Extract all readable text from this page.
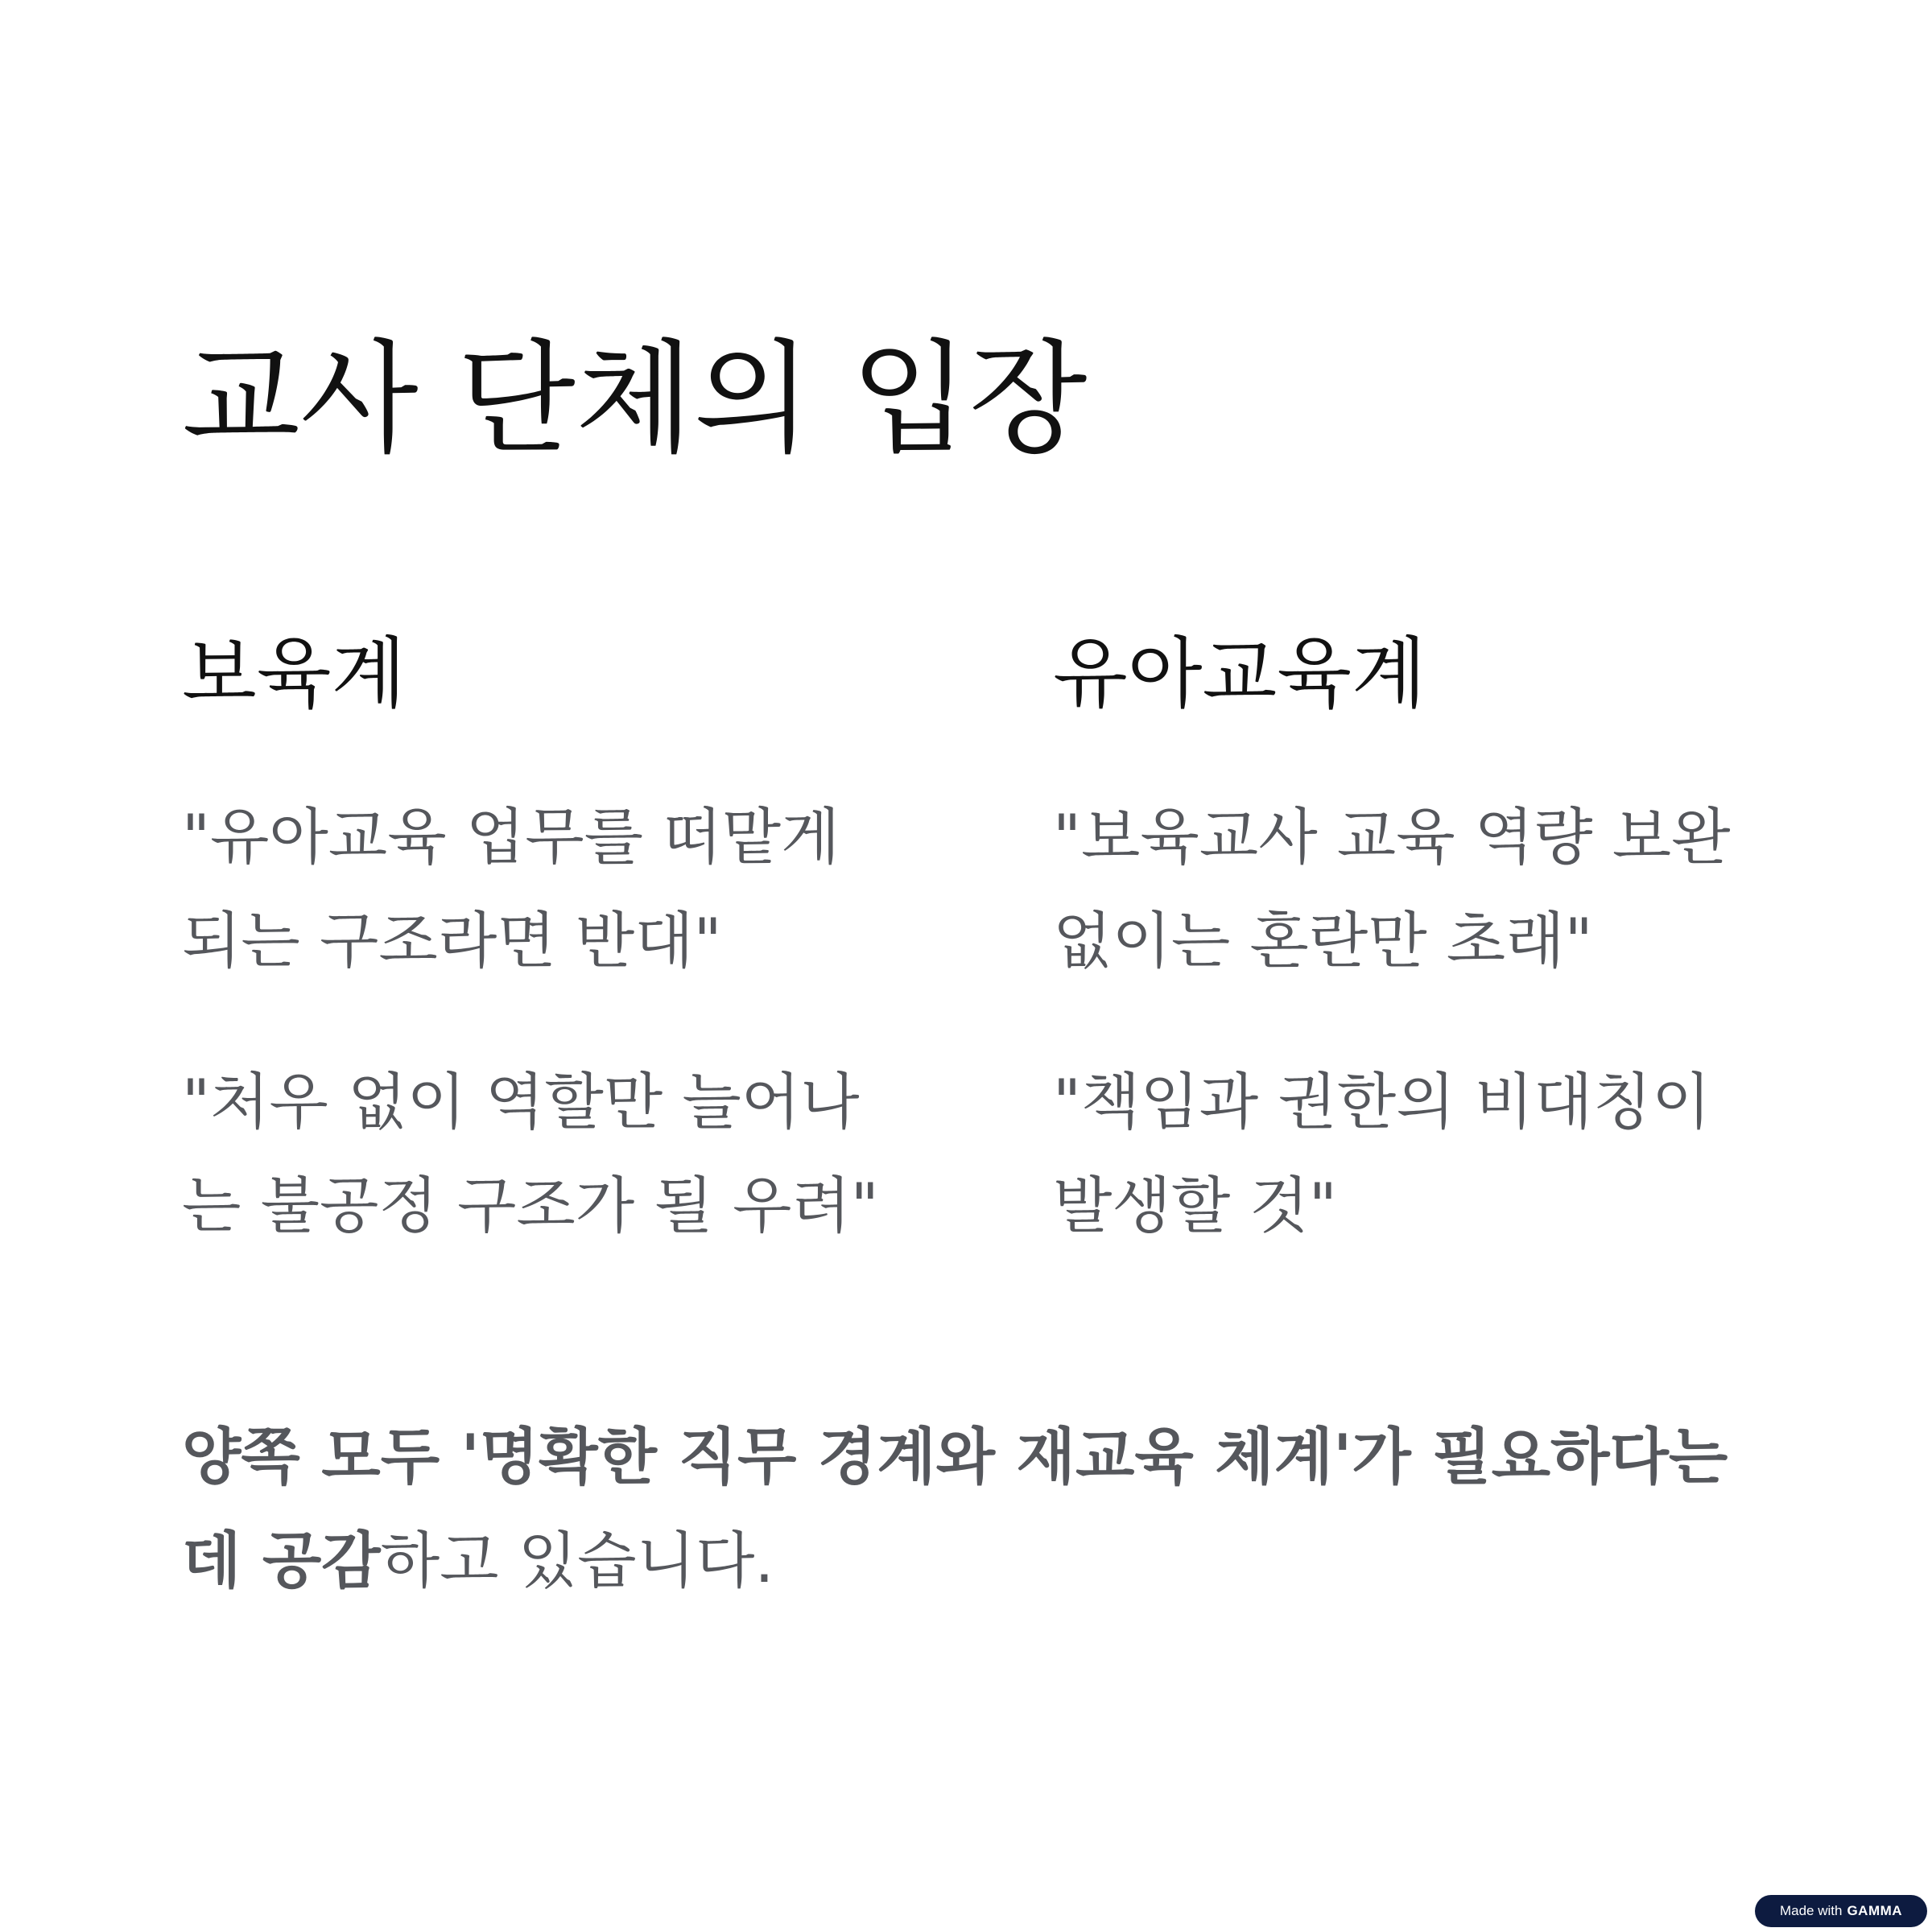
교사 단체의 입장
보육계

"유아교육 업무를 떠맡게
되는 구조라면 반대"

"처우 없이 역할만 늘어나
는 불공정 구조가 될 우려"

유아교육계

"보육교사 교육 역량 보완
없이는 혼란만 초래"

"책임과 권한의 비대칭이
발생할 것"

양쪽 모두 '명확한 직무 경계와 재교육 체계'가 필요하다는
데 공감하고 있습니다.

Made with GAMMA
